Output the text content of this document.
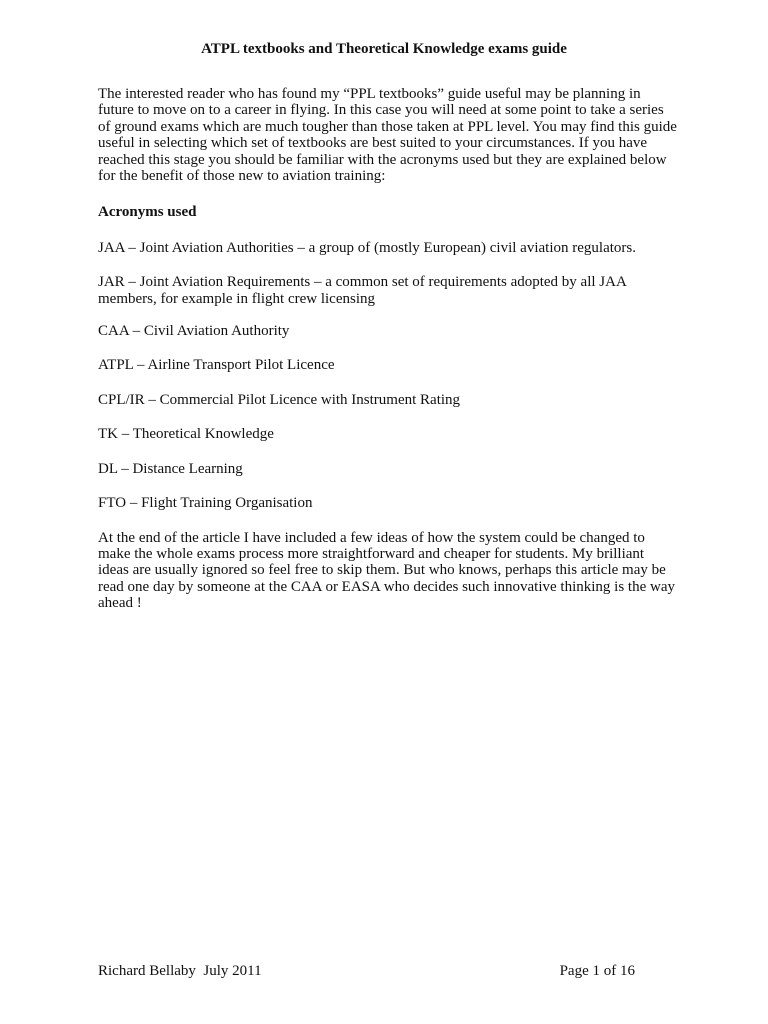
ATPL textbooks and Theoretical Knowledge exams guide

The interested reader who has found my “PPL textbooks” guide useful may be planning in future to move on to a career in flying. In this case you will need at some point to take a series of ground exams which are much tougher than those taken at PPL level. You may find this guide useful in selecting which set of textbooks are best suited to your circumstances. If you have reached this stage you should be familiar with the acronyms used but they are explained below for the benefit of those new to aviation training:

Acronyms used

JAA – Joint Aviation Authorities – a group of (mostly European) civil aviation regulators.

JAR – Joint Aviation Requirements – a common set of requirements adopted by all JAA members, for example in flight crew licensing

CAA – Civil Aviation Authority

ATPL – Airline Transport Pilot Licence

CPL/IR – Commercial Pilot Licence with Instrument Rating

TK – Theoretical Knowledge

DL – Distance Learning

FTO – Flight Training Organisation

At the end of the article I have included a few ideas of how the system could be changed to make the whole exams process more straightforward and cheaper for students. My brilliant ideas are usually ignored so feel free to skip them. But who knows, perhaps this article may be read one day by someone at the CAA or EASA who decides such innovative thinking is the way ahead !

Richard Bellaby  July 2011	Page 1 of 16
